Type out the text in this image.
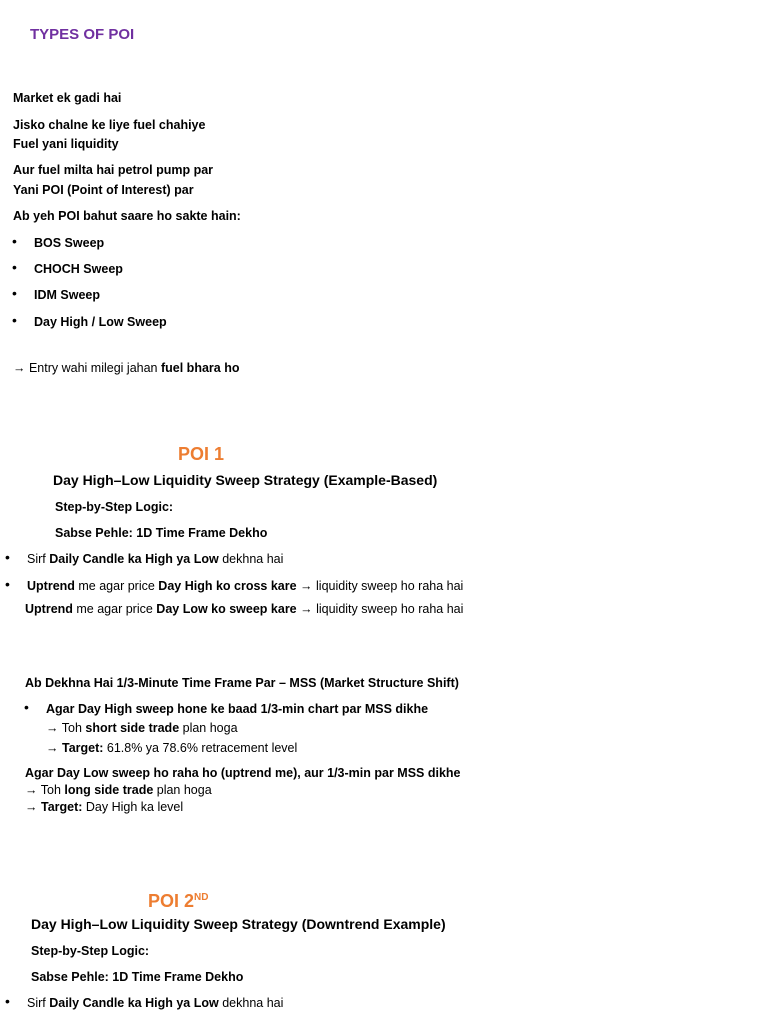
TYPES OF POI
Market ek gadi hai
Jisko chalne ke liye fuel chahiye
Fuel yani liquidity
Aur fuel milta hai petrol pump par
Yani POI (Point of Interest) par
Ab yeh POI bahut saare ho sakte hain:
• BOS Sweep
• CHOCH Sweep
• IDM Sweep
• Day High / Low Sweep
→ Entry wahi milegi jahan fuel bhara ho
POI 1
Day High–Low Liquidity Sweep Strategy (Example-Based)
Step-by-Step Logic:
Sabse Pehle: 1D Time Frame Dekho
• Sirf Daily Candle ka High ya Low dekhna hai
• Uptrend me agar price Day High ko cross kare → liquidity sweep ho raha hai
Uptrend me agar price Day Low ko sweep kare → liquidity sweep ho raha hai
Ab Dekhna Hai 1/3-Minute Time Frame Par – MSS (Market Structure Shift)
• Agar Day High sweep hone ke baad 1/3-min chart par MSS dikhe
→ Toh short side trade plan hoga
→ Target: 61.8% ya 78.6% retracement level
Agar Day Low sweep ho raha ho (uptrend me), aur 1/3-min par MSS dikhe
→ Toh long side trade plan hoga
→ Target: Day High ka level
POI 2ND
Day High–Low Liquidity Sweep Strategy (Downtrend Example)
Step-by-Step Logic:
Sabse Pehle: 1D Time Frame Dekho
• Sirf Daily Candle ka High ya Low dekhna hai
